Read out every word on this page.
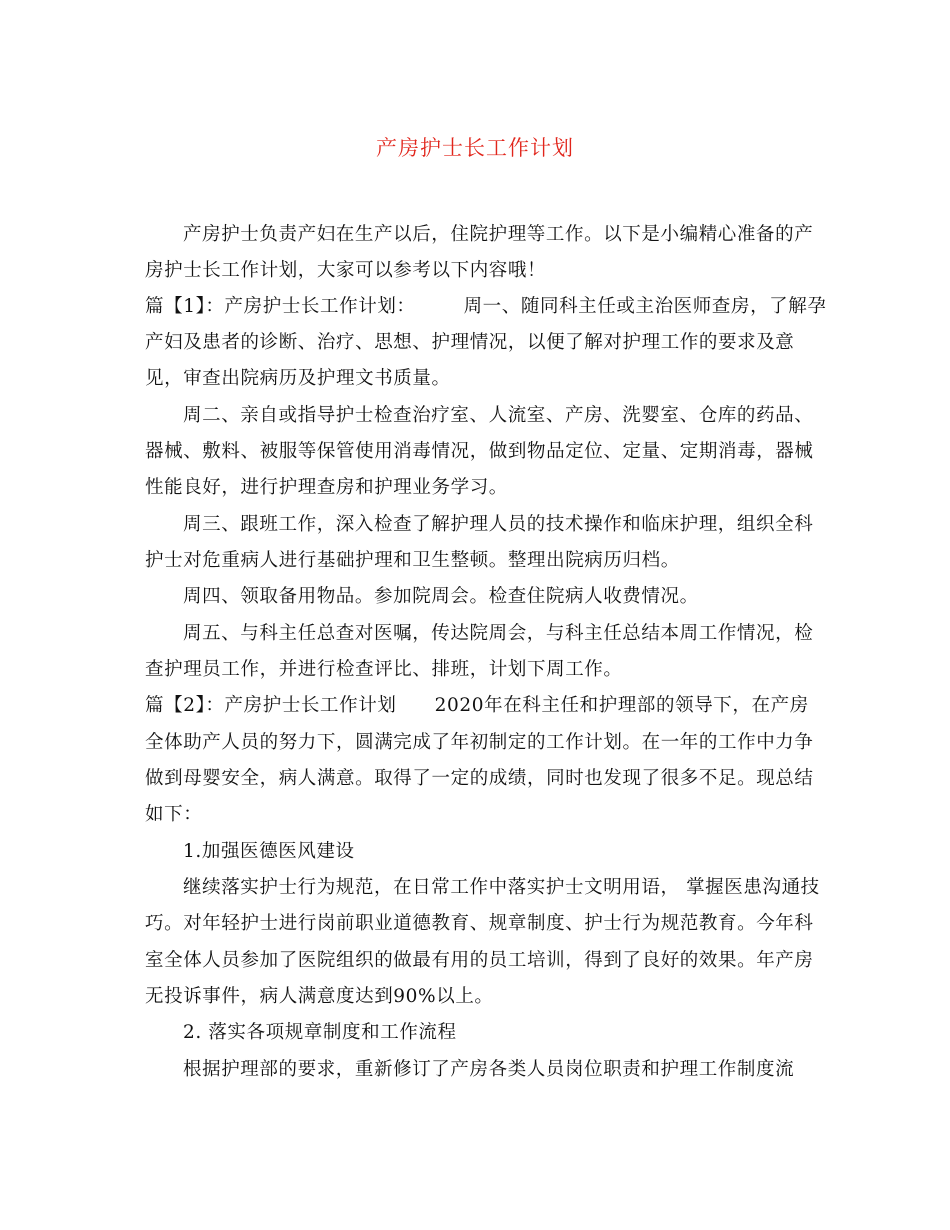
产房护士长工作计划
产房护士负责产妇在生产以后，住院护理等工作。以下是小编精心准备的产
房护士长工作计划，大家可以参考以下内容哦！
篇【1】：产房护士长工作计划：　　　周一、随同科主任或主治医师查房，了解孕
产妇及患者的诊断、治疗、思想、护理情况，以便了解对护理工作的要求及意
见，审查出院病历及护理文书质量。
周二、亲自或指导护士检查治疗室、人流室、产房、洗婴室、仓库的药品、
器械、敷料、被服等保管使用消毒情况，做到物品定位、定量、定期消毒，器械
性能良好，进行护理查房和护理业务学习。
周三、跟班工作，深入检查了解护理人员的技术操作和临床护理，组织全科
护士对危重病人进行基础护理和卫生整顿。整理出院病历归档。
周四、领取备用物品。参加院周会。检查住院病人收费情况。
周五、与科主任总查对医嘱，传达院周会，与科主任总结本周工作情况，检
查护理员工作，并进行检查评比、排班，计划下周工作。
篇【2】：产房护士长工作计划　　2020年在科主任和护理部的领导下，在产房
全体助产人员的努力下，圆满完成了年初制定的工作计划。在一年的工作中力争
做到母婴安全，病人满意。取得了一定的成绩，同时也发现了很多不足。现总结
如下：
1.加强医德医风建设
继续落实护士行为规范，在日常工作中落实护士文明用语， 掌握医患沟通技
巧。对年轻护士进行岗前职业道德教育、规章制度、护士行为规范教育。今年科
室全体人员参加了医院组织的做最有用的员工培训，得到了良好的效果。年产房
无投诉事件，病人满意度达到90%以上。
2. 落实各项规章制度和工作流程
根据护理部的要求，重新修订了产房各类人员岗位职责和护理工作制度流
